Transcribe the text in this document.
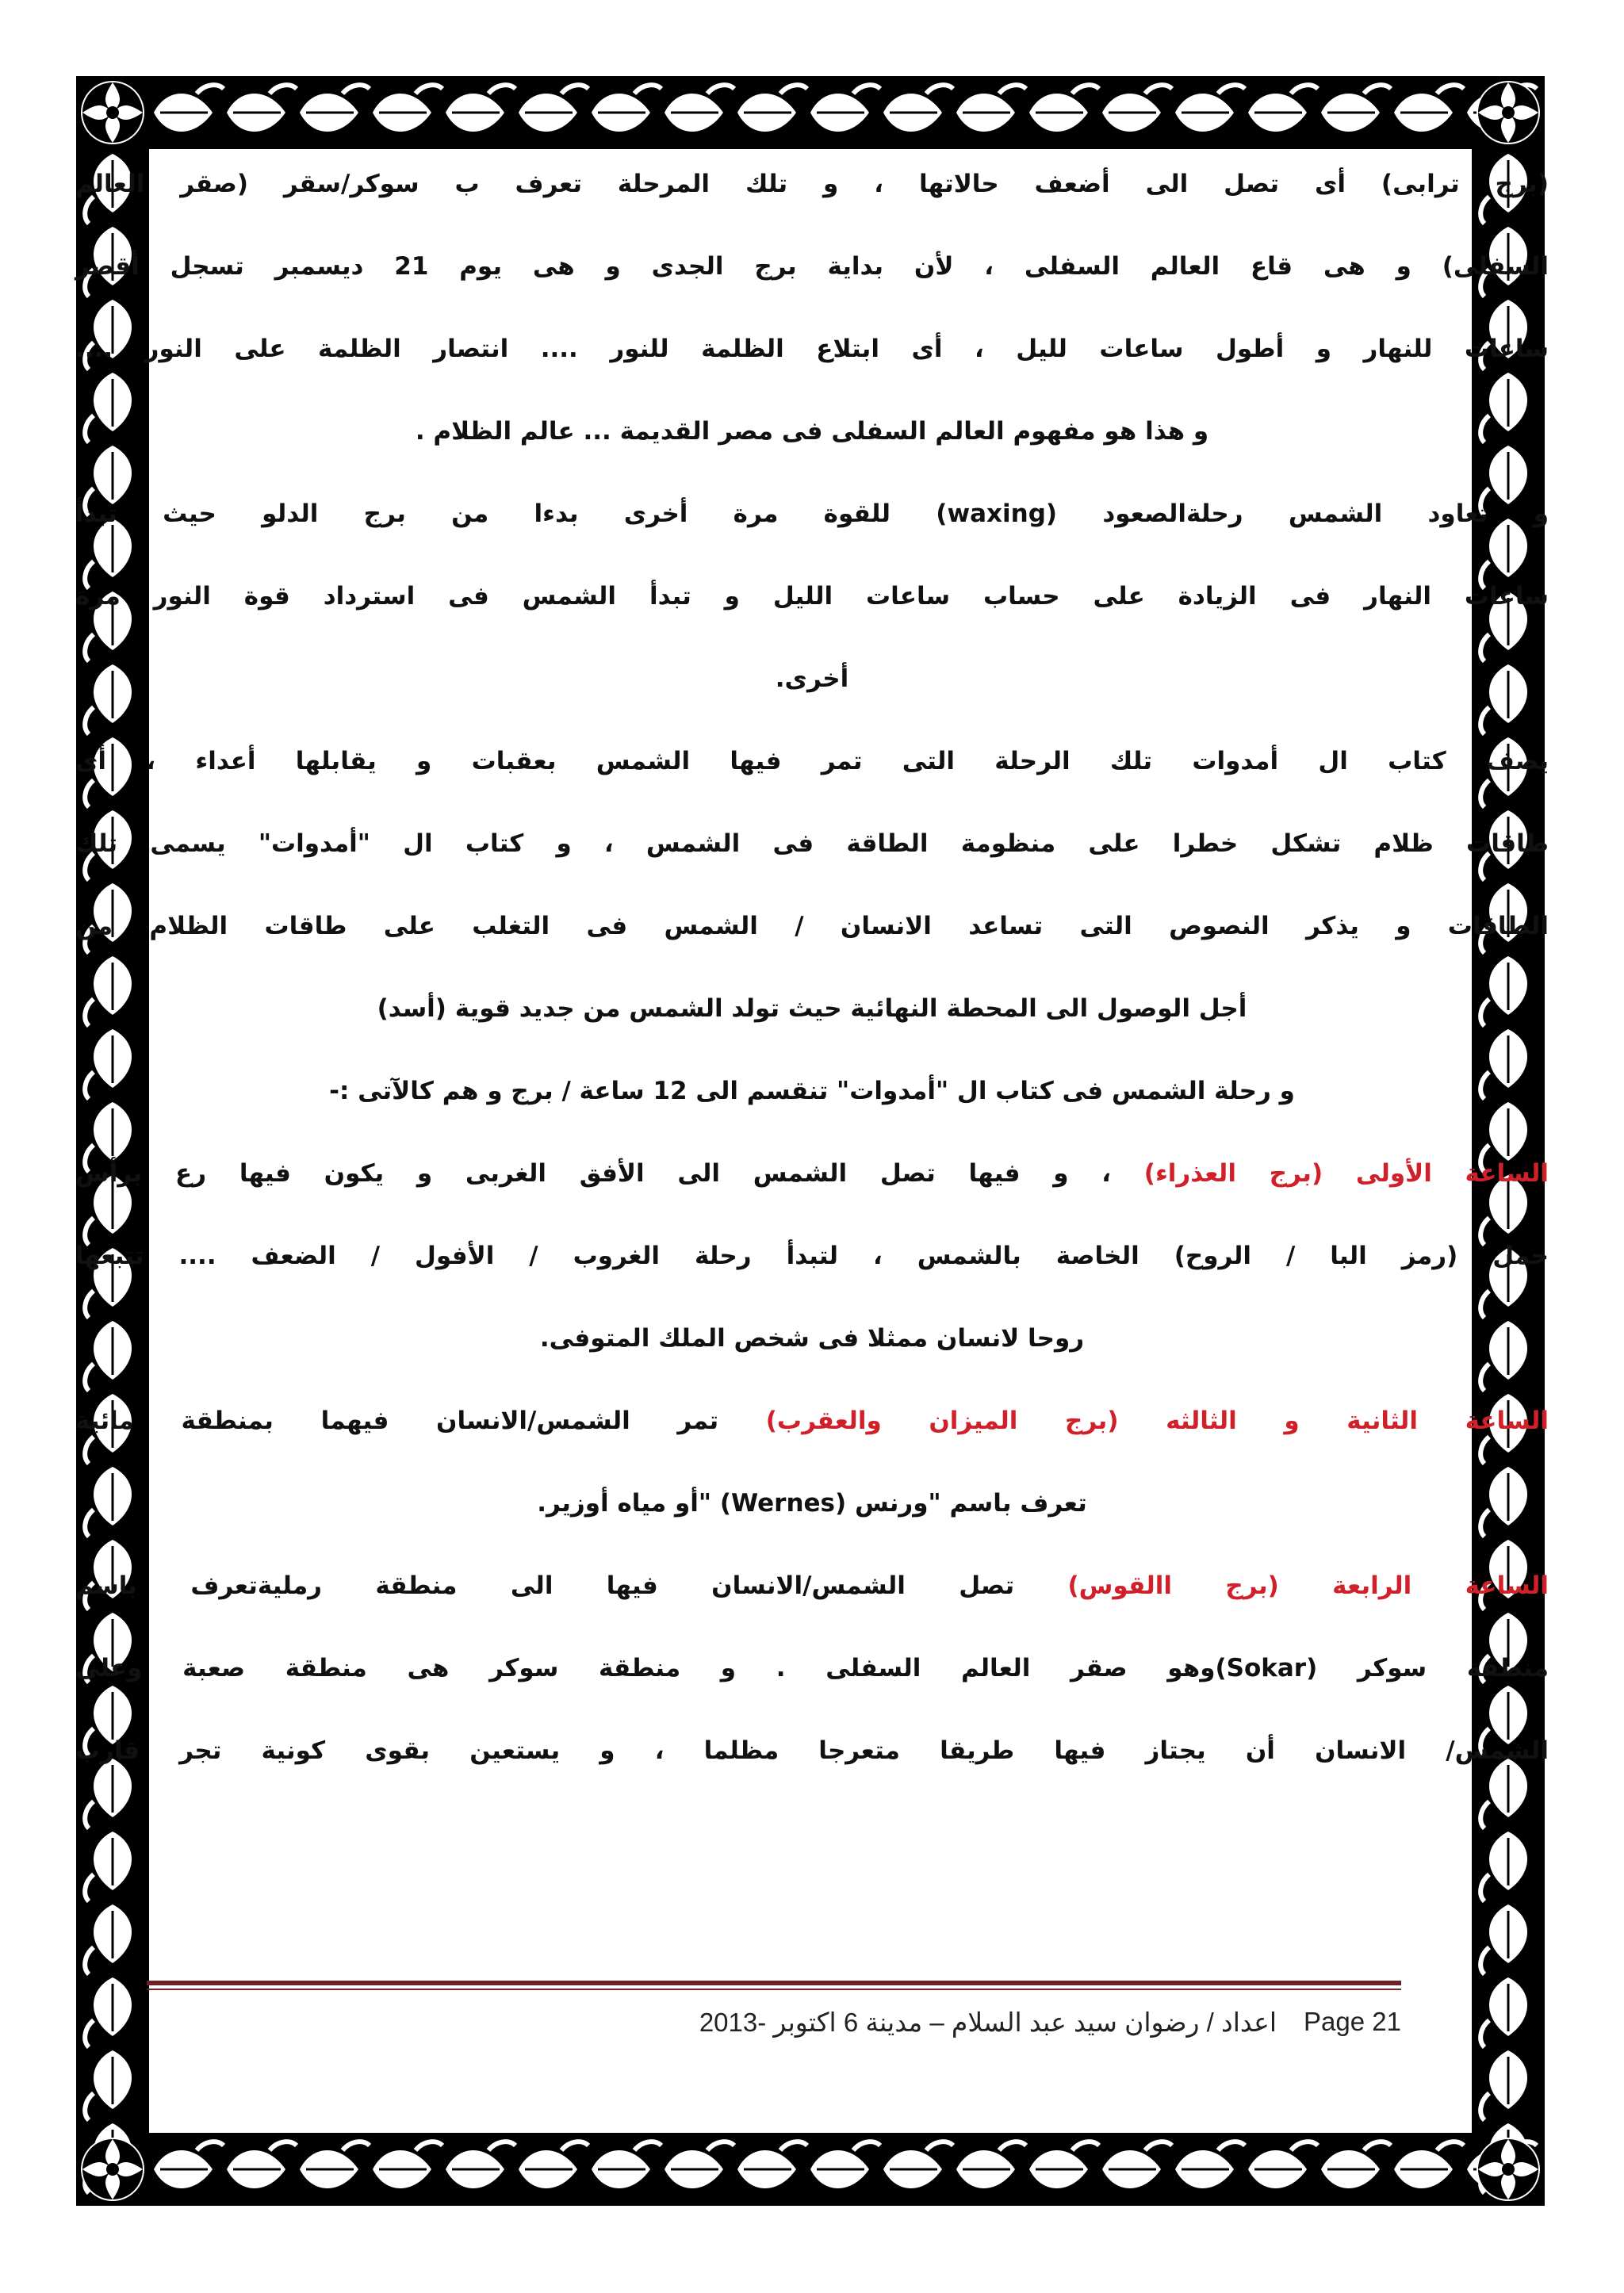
(برج ترابى) أى تصل الى أضعف حالاتها ، و تلك المرحلة تعرف ب سوكر/سقر (صقر العالم
السفلى) و هى قاع العالم السفلى ، لأن بداية برج الجدى و هى يوم 21 ديسمبر تسجل أقصر
ساعات للنهار و أطول ساعات لليل ، أى ابتلاع الظلمة للنور .... انتصار الظلمة على النور ....
و هذا هو مفهوم العالم السفلى فى مصر القديمة ... عالم الظلام .
و تعاود الشمس رحلةالصعود (waxing) للقوة مرة أخرى بدءا من برج الدلو حيث تبدأ
ساعات النهار فى الزيادة على حساب ساعات الليل و تبدأ الشمس فى استرداد قوة النور مرة
أخرى.
يصف كتاب ال أمدوات تلك الرحلة التى تمر فيها الشمس بعقبات و يقابلها أعداء ، أى
طاقات ظلام تشكل خطرا على منظومة الطاقة فى الشمس ، و كتاب ال "أمدوات" يسمى تلك
الطاقات و يذكر النصوص التى تساعد الانسان / الشمس فى التغلب على طاقات الظلام من
أجل الوصول الى المحطة النهائية حيث تولد الشمس من جديد قوية (أسد)
و رحلة الشمس فى كتاب ال "أمدوات" تنقسم الى 12 ساعة / برج و هم كالآتى :-
الساعة الأولى (برج العذراء) ، و فيها تصل الشمس الى الأفق الغربى و يكون فيها رع برأس
حمل (رمز البا / الروح) الخاصة بالشمس ، لتبدأ رحلة الغروب / الأفول / الضعف .... تتبعها
روحا لانسان ممثلا فى شخص الملك المتوفى.
الساعة الثانية و الثالثه (برج الميزان والعقرب) تمر الشمس/الانسان فيهما بمنطقة مائية
تعرف باسم "ورنس (Wernes) "أو مياه أوزير.
الساعة الرابعة (برج االقوس) تصل الشمس/الانسان فيها الى منطقة رمليةتعرف باسم
منطقة سوكر (Sokar)وهو صقر العالم السفلى . و منطقة سوكر هى منطقة صعبة وعلى
الشمس/ الانسان أن يجتاز فيها طريقا متعرجا مظلما ، و يستعين بقوى كونية تجر قارب
اعداد / رضوان سيد عبد السلام – مدينة 6 اكتوبر -2013 Page 21
